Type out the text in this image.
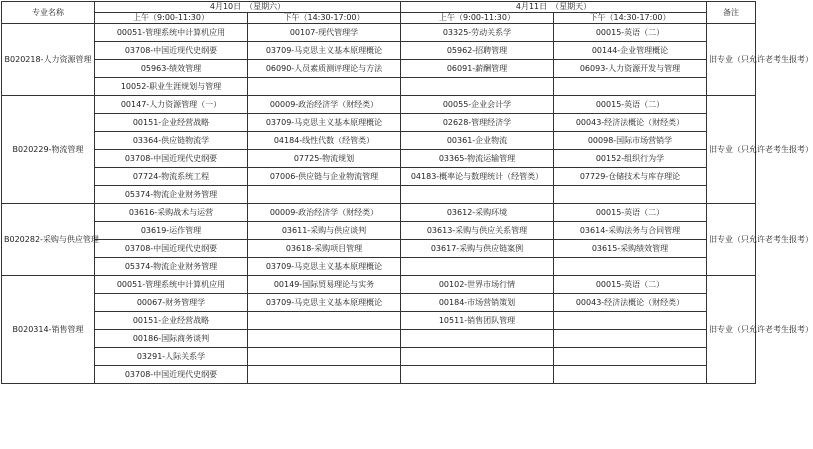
专业名称	4月10日　（星期六）		4月11日　（星期天）		备注
	上午（9:00-11:30）	下午（14:30-17:00）	上午（9:00-11:30）	下午（14:30-17:00）	
B020218-人力资源管理	00051-管理系统中计算机应用	00107-现代管理学	03325-劳动关系学	00015-英语（二）	旧专业（只允许老考生报考）
	03708-中国近现代史纲要	03709-马克思主义基本原理概论	05962-招聘管理	00144-企业管理概论	
	05963-绩效管理	06090-人员素质测评理论与方法	06091-薪酬管理	06093-人力资源开发与管理	
	10052-职业生涯规划与管理				
B020229-物流管理	00147-人力资源管理（一）	00009-政治经济学（财经类）	00055-企业会计学	00015-英语（二）	旧专业（只允许老考生报考）
	00151-企业经营战略	03709-马克思主义基本原理概论	02628-管理经济学	00043-经济法概论（财经类）	
	03364-供应链物流学	04184-线性代数（经管类）	00361-企业物流	00098-国际市场营销学	
	03708-中国近现代史纲要	07725-物流规划	03365-物流运输管理	00152-组织行为学	
	07724-物流系统工程	07006-供应链与企业物流管理	04183-概率论与数理统计（经管类）	07729-仓储技术与库存理论	
	05374-物流企业财务管理				
B020282-采购与供应管理	03616-采购战术与运营	00009-政治经济学（财经类）	03612-采购环境	00015-英语（二）	旧专业（只允许老考生报考）
	03619-运作管理	03611-采购与供应谈判	03613-采购与供应关系管理	03614-采购法务与合同管理	
	03708-中国近现代史纲要	03618-采购项目管理	03617-采购与供应链案例	03615-采购绩效管理	
	05374-物流企业财务管理	03709-马克思主义基本原理概论			
B020314-销售管理	00051-管理系统中计算机应用	00149-国际贸易理论与实务	00102-世界市场行情	00015-英语（二）	旧专业（只允许老考生报考）
	00067-财务管理学	03709-马克思主义基本原理概论	00184-市场营销策划	00043-经济法概论（财经类）	
	00151-企业经营战略		10511-销售团队管理		
	00186-国际商务谈判				
	03291-人际关系学				
	03708-中国近现代史纲要				
